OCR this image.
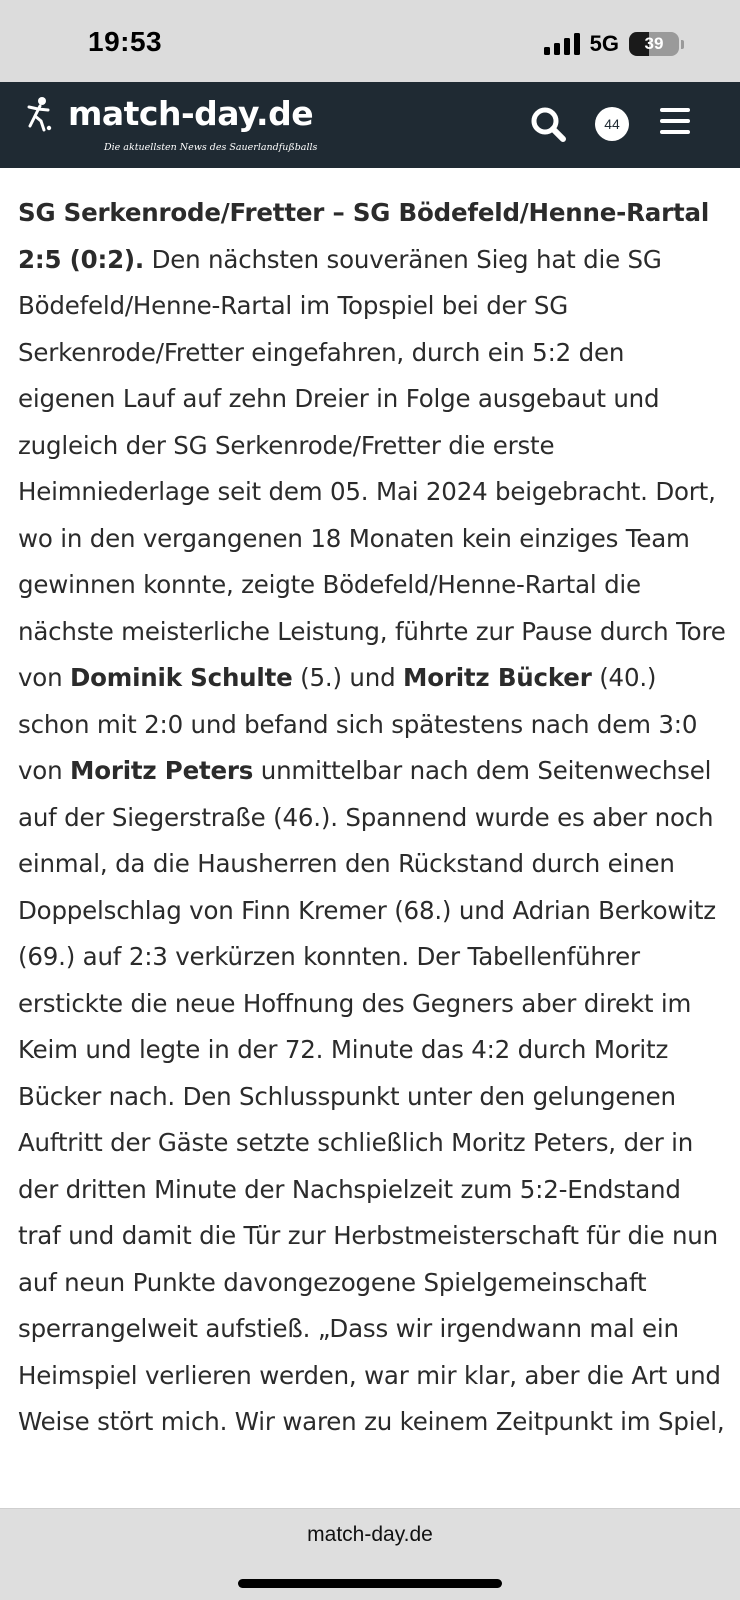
19:53	5G	39
match-day.de
Die aktuellsten News des Sauerlandfußballs
44

SG Serkenrode/Fretter – SG Bödefeld/Henne-Rartal 2:5 (0:2). Den nächsten souveränen Sieg hat die SG Bödefeld/Henne-Rartal im Topspiel bei der SG Serkenrode/Fretter eingefahren, durch ein 5:2 den eigenen Lauf auf zehn Dreier in Folge ausgebaut und zugleich der SG Serkenrode/Fretter die erste Heimniederlage seit dem 05. Mai 2024 beigebracht. Dort, wo in den vergangenen 18 Monaten kein einziges Team gewinnen konnte, zeigte Bödefeld/Henne-Rartal die nächste meisterliche Leistung, führte zur Pause durch Tore von Dominik Schulte (5.) und Moritz Bücker (40.) schon mit 2:0 und befand sich spätestens nach dem 3:0 von Moritz Peters unmittelbar nach dem Seitenwechsel auf der Siegerstraße (46.). Spannend wurde es aber noch einmal, da die Hausherren den Rückstand durch einen Doppelschlag von Finn Kremer (68.) und Adrian Berkowitz (69.) auf 2:3 verkürzen konnten. Der Tabellenführer erstickte die neue Hoffnung des Gegners aber direkt im Keim und legte in der 72. Minute das 4:2 durch Moritz Bücker nach. Den Schlusspunkt unter den gelungenen Auftritt der Gäste setzte schließlich Moritz Peters, der in der dritten Minute der Nachspielzeit zum 5:2-Endstand traf und damit die Tür zur Herbstmeisterschaft für die nun auf neun Punkte davongezogene Spielgemeinschaft sperrangelweit aufstieß. „Dass wir irgendwann mal ein Heimspiel verlieren werden, war mir klar, aber die Art und Weise stört mich. Wir waren zu keinem Zeitpunkt im Spiel,

match-day.de
